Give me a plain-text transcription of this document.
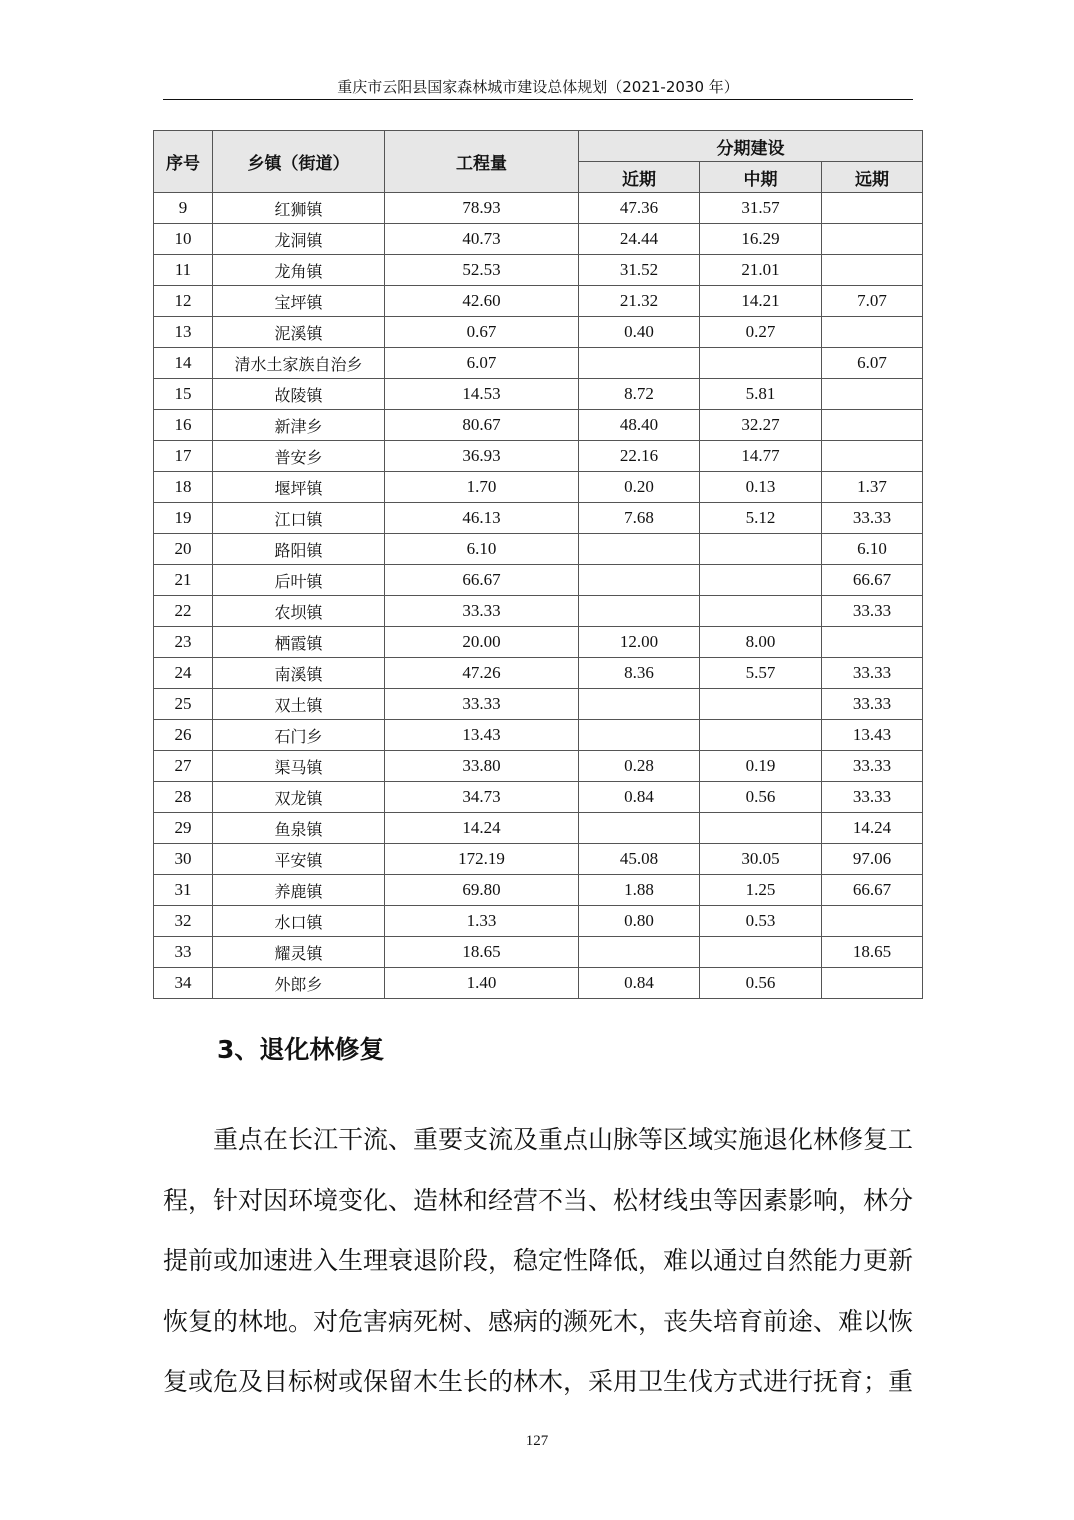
重庆市云阳县国家森林城市建设总体规划（2021-2030 年）
序号	乡镇（街道）	工程量	分期建设		
			近期	中期	远期
9	红狮镇	78.93	47.36	31.57	
10	龙洞镇	40.73	24.44	16.29	
11	龙角镇	52.53	31.52	21.01	
12	宝坪镇	42.60	21.32	14.21	7.07
13	泥溪镇	0.67	0.40	0.27	
14	清水土家族自治乡	6.07			6.07
15	故陵镇	14.53	8.72	5.81	
16	新津乡	80.67	48.40	32.27	
17	普安乡	36.93	22.16	14.77	
18	堰坪镇	1.70	0.20	0.13	1.37
19	江口镇	46.13	7.68	5.12	33.33
20	路阳镇	6.10			6.10
21	后叶镇	66.67			66.67
22	农坝镇	33.33			33.33
23	栖霞镇	20.00	12.00	8.00	
24	南溪镇	47.26	8.36	5.57	33.33
25	双土镇	33.33			33.33
26	石门乡	13.43			13.43
27	渠马镇	33.80	0.28	0.19	33.33
28	双龙镇	34.73	0.84	0.56	33.33
29	鱼泉镇	14.24			14.24
30	平安镇	172.19	45.08	30.05	97.06
31	养鹿镇	69.80	1.88	1.25	66.67
32	水口镇	1.33	0.80	0.53	
33	耀灵镇	18.65			18.65
34	外郎乡	1.40	0.84	0.56	
3、退化林修复

重点在长江干流、重要支流及重点山脉等区域实施退化林修复工程，针对因环境变化、造林和经营不当、松材线虫等因素影响，林分提前或加速进入生理衰退阶段，稳定性降低，难以通过自然能力更新恢复的林地。对危害病死树、感病的濒死木，丧失培育前途、难以恢复或危及目标树或保留木生长的林木，采用卫生伐方式进行抚育；重

127
